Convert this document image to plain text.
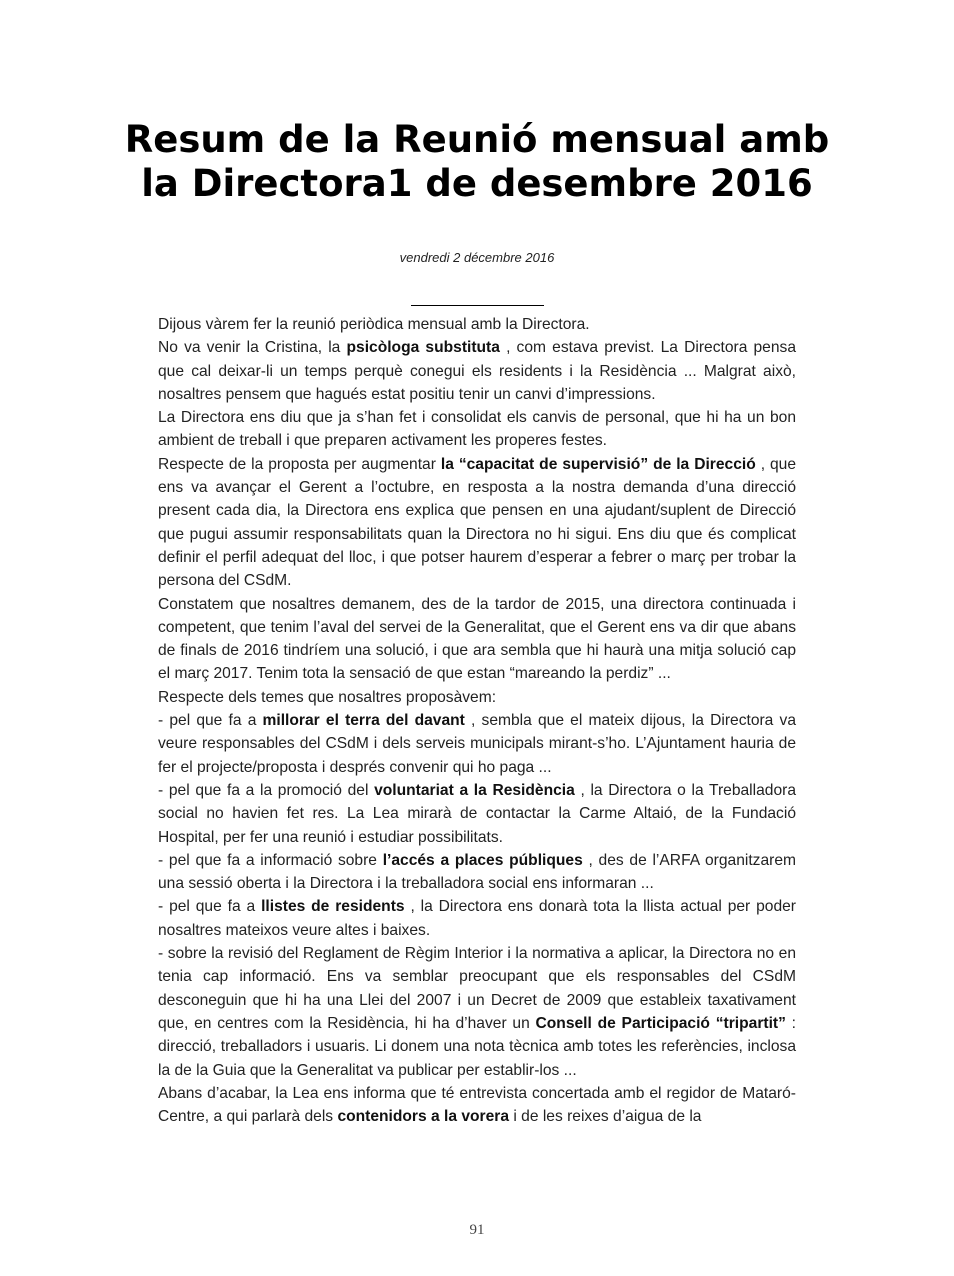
Resum de la Reunió mensual amb la Directora1 de desembre 2016
vendredi 2 décembre 2016

Dijous vàrem fer la reunió periòdica mensual amb la Directora.

No va venir la Cristina, la psicòloga substituta , com estava previst. La Directora pensa que cal deixar-li un temps perquè conegui els residents i la Residència ... Malgrat això, nosaltres pensem que hagués estat positiu tenir un canvi d’impressions.

La Directora ens diu que ja s’han fet i consolidat els canvis de personal, que hi ha un bon ambient de treball i que preparen activament les properes festes.

Respecte de la proposta per augmentar la “capacitat de supervisió” de la Direcció , que ens va avançar el Gerent a l’octubre, en resposta a la nostra demanda d’una direcció present cada dia, la Directora ens explica que pensen en una ajudant/suplent de Direcció que pugui assumir responsabilitats quan la Directora no hi sigui. Ens diu que és complicat definir el perfil adequat del lloc, i que potser haurem d’esperar a febrer o març per trobar la persona del CSdM.

Constatem que nosaltres demanem, des de la tardor de 2015, una directora continuada i competent, que tenim l’aval del servei de la Generalitat, que el Gerent ens va dir que abans de finals de 2016 tindríem una solució, i que ara sembla que hi haurà una mitja solució cap el març 2017. Tenim tota la sensació de que estan “mareando la perdiz” ...

Respecte dels temes que nosaltres proposàvem:

- pel que fa a millorar el terra del davant , sembla que el mateix dijous, la Directora va veure responsables del CSdM i dels serveis municipals mirant-s’ho. L’Ajuntament hauria de fer el projecte/proposta i després convenir qui ho paga ...

- pel que fa a la promoció del voluntariat a la Residència , la Directora o la Treballadora social no havien fet res. La Lea mirarà de contactar la Carme Altaió, de la Fundació Hospital, per fer una reunió i estudiar possibilitats.

- pel que fa a informació sobre l’accés a places públiques , des de l’ARFA organitzarem una sessió oberta i la Directora i la treballadora social ens informaran ...

- pel que fa a llistes de residents , la Directora ens donarà tota la llista actual per poder nosaltres mateixos veure altes i baixes.

- sobre la revisió del Reglament de Règim Interior i la normativa a aplicar, la Directora no en tenia cap informació. Ens va semblar preocupant que els responsables del CSdM desconeguin que hi ha una Llei del 2007 i un Decret de 2009 que estableix taxativament que, en centres com la Residència, hi ha d’haver un Consell de Participació “tripartit” : direcció, treballadors i usuaris. Li donem una nota tècnica amb totes les referències, inclosa la de la Guia que la Generalitat va publicar per establir-los ...

Abans d’acabar, la Lea ens informa que té entrevista concertada amb el regidor de Mataró-Centre, a qui parlarà dels contenidors a la vorera i de les reixes d’aigua de la

91
